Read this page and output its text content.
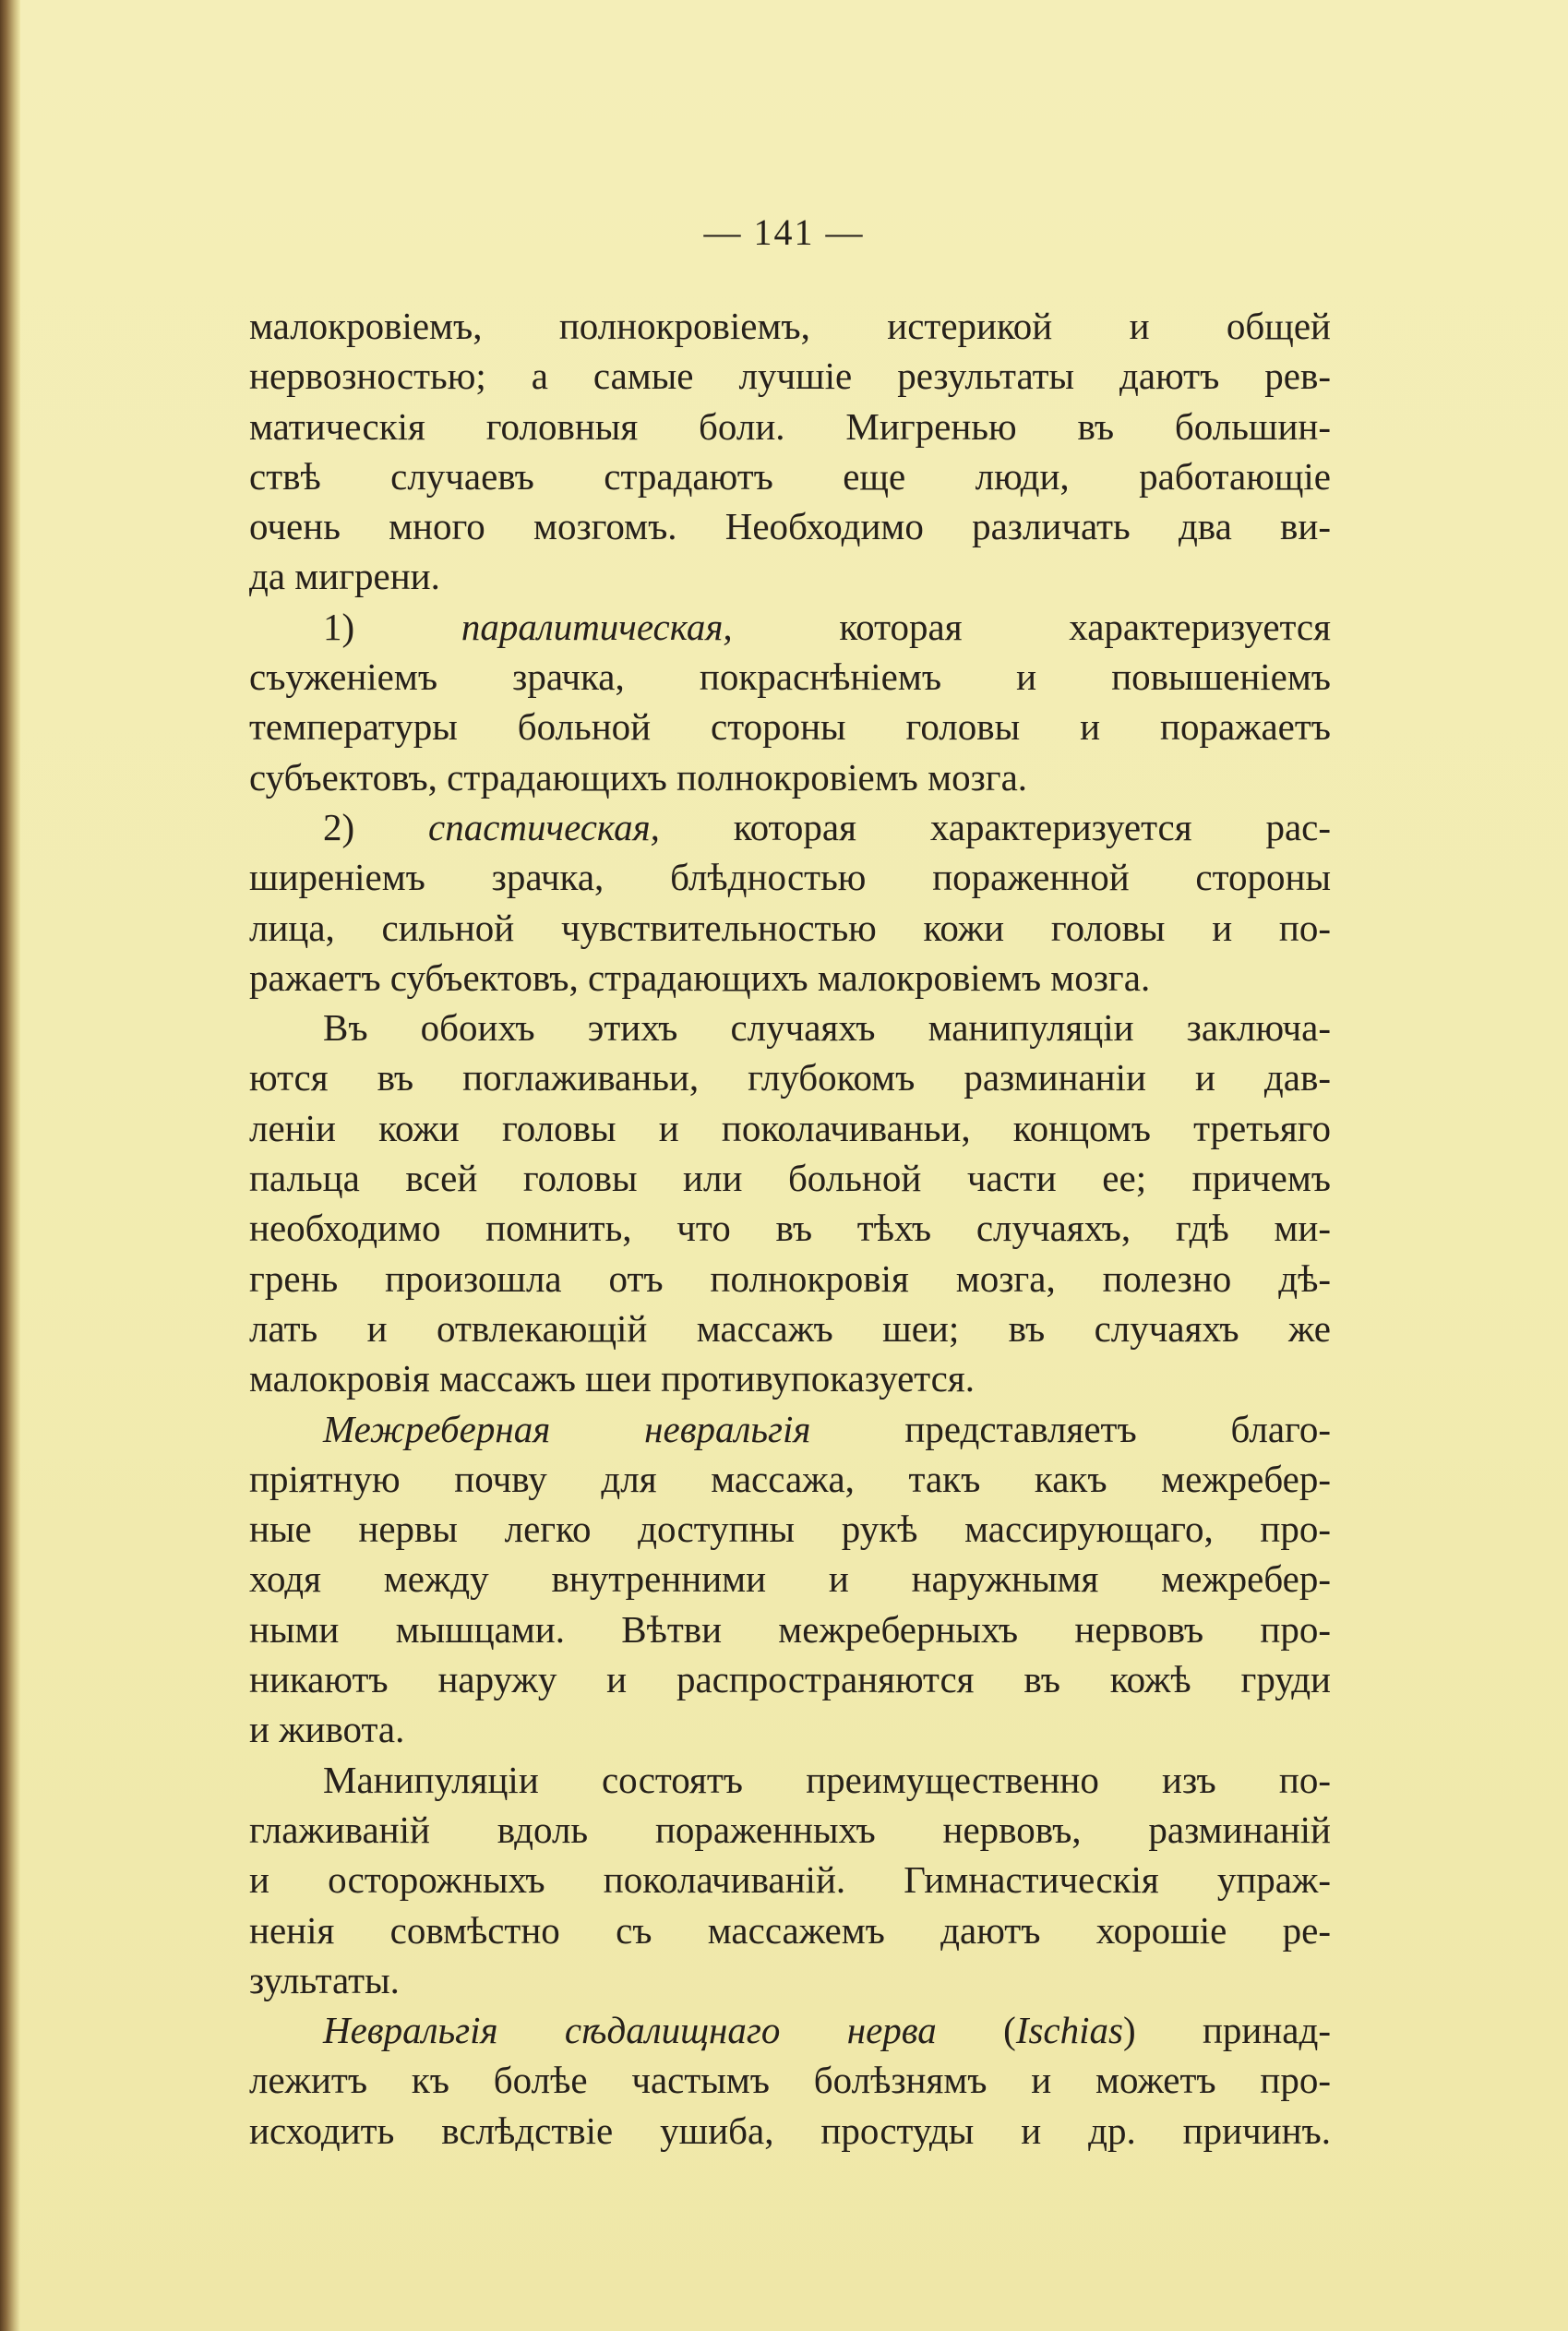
— 141 —
малокровіемъ, полнокровіемъ, истерикой и общей
нервозностью; а самые лучшіе результаты даютъ рев-
матическія головныя боли. Мигренью въ большин-
ствѣ случаевъ страдаютъ еще люди, работающіе
очень много мозгомъ. Необходимо различать два ви-
да мигрени.
1) паралитическая, которая характеризуется
съуженіемъ зрачка, покраснѣніемъ и повышеніемъ
температуры больной стороны головы и поражаетъ
субъектовъ, страдающихъ полнокровіемъ мозга.
2) спастическая, которая характеризуется рас-
ширеніемъ зрачка, блѣдностью пораженной стороны
лица, сильной чувствительностью кожи головы и по-
ражаетъ субъектовъ, страдающихъ малокровіемъ мозга.
Въ обоихъ этихъ случаяхъ манипуляціи заключа-
ются въ поглаживаньи, глубокомъ разминаніи и дав-
леніи кожи головы и поколачиваньи, концомъ третьяго
пальца всей головы или больной части ее; причемъ
необходимо помнить, что въ тѣхъ случаяхъ, гдѣ ми-
грень произошла отъ полнокровія мозга, полезно дѣ-
лать и отвлекающій массажъ шеи; въ случаяхъ же
малокровія массажъ шеи противупоказуется.
Межреберная невральгія представляетъ благо-
пріятную почву для массажа, такъ какъ межребер-
ные нервы легко доступны рукѣ массирующаго, про-
ходя между внутренними и наружнымя межребер-
ными мышцами. Вѣтви межреберныхъ нервовъ про-
никаютъ наружу и распространяются въ кожѣ груди
и живота.
Манипуляціи состоятъ преимущественно изъ по-
глаживаній вдоль пораженныхъ нервовъ, разминаній
и осторожныхъ поколачиваній. Гимнастическія упраж-
ненія совмѣстно съ массажемъ даютъ хорошіе ре-
зультаты.
Невральгія сѣдалищнаго нерва (Ischias) принад-
лежитъ къ болѣе частымъ болѣзнямъ и можетъ про-
исходить вслѣдствіе ушиба, простуды и др. причинъ.
